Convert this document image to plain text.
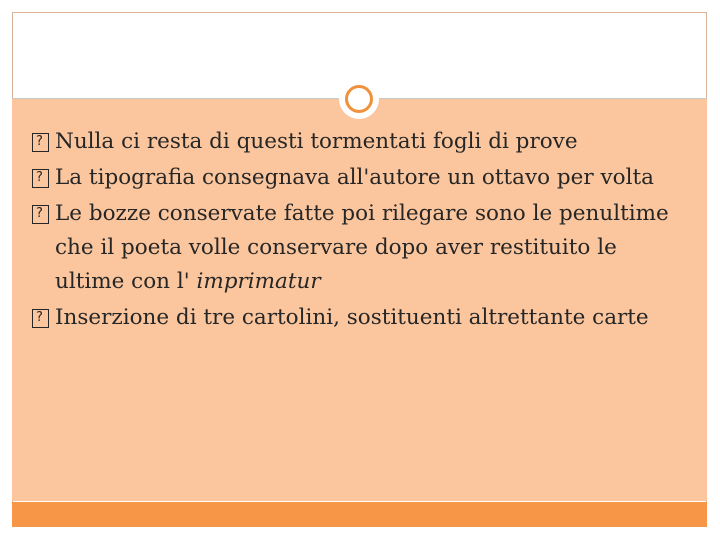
?
Nulla ci resta di questi tormentati fogli di prove
?
La tipografia consegnava all'autore un ottavo per volta
?
Le bozze conservate fatte poi rilegare sono le penultime che il poeta volle conservare dopo aver restituito le ultime con l' imprimatur
?
Inserzione di tre cartolini, sostituenti altrettante carte
